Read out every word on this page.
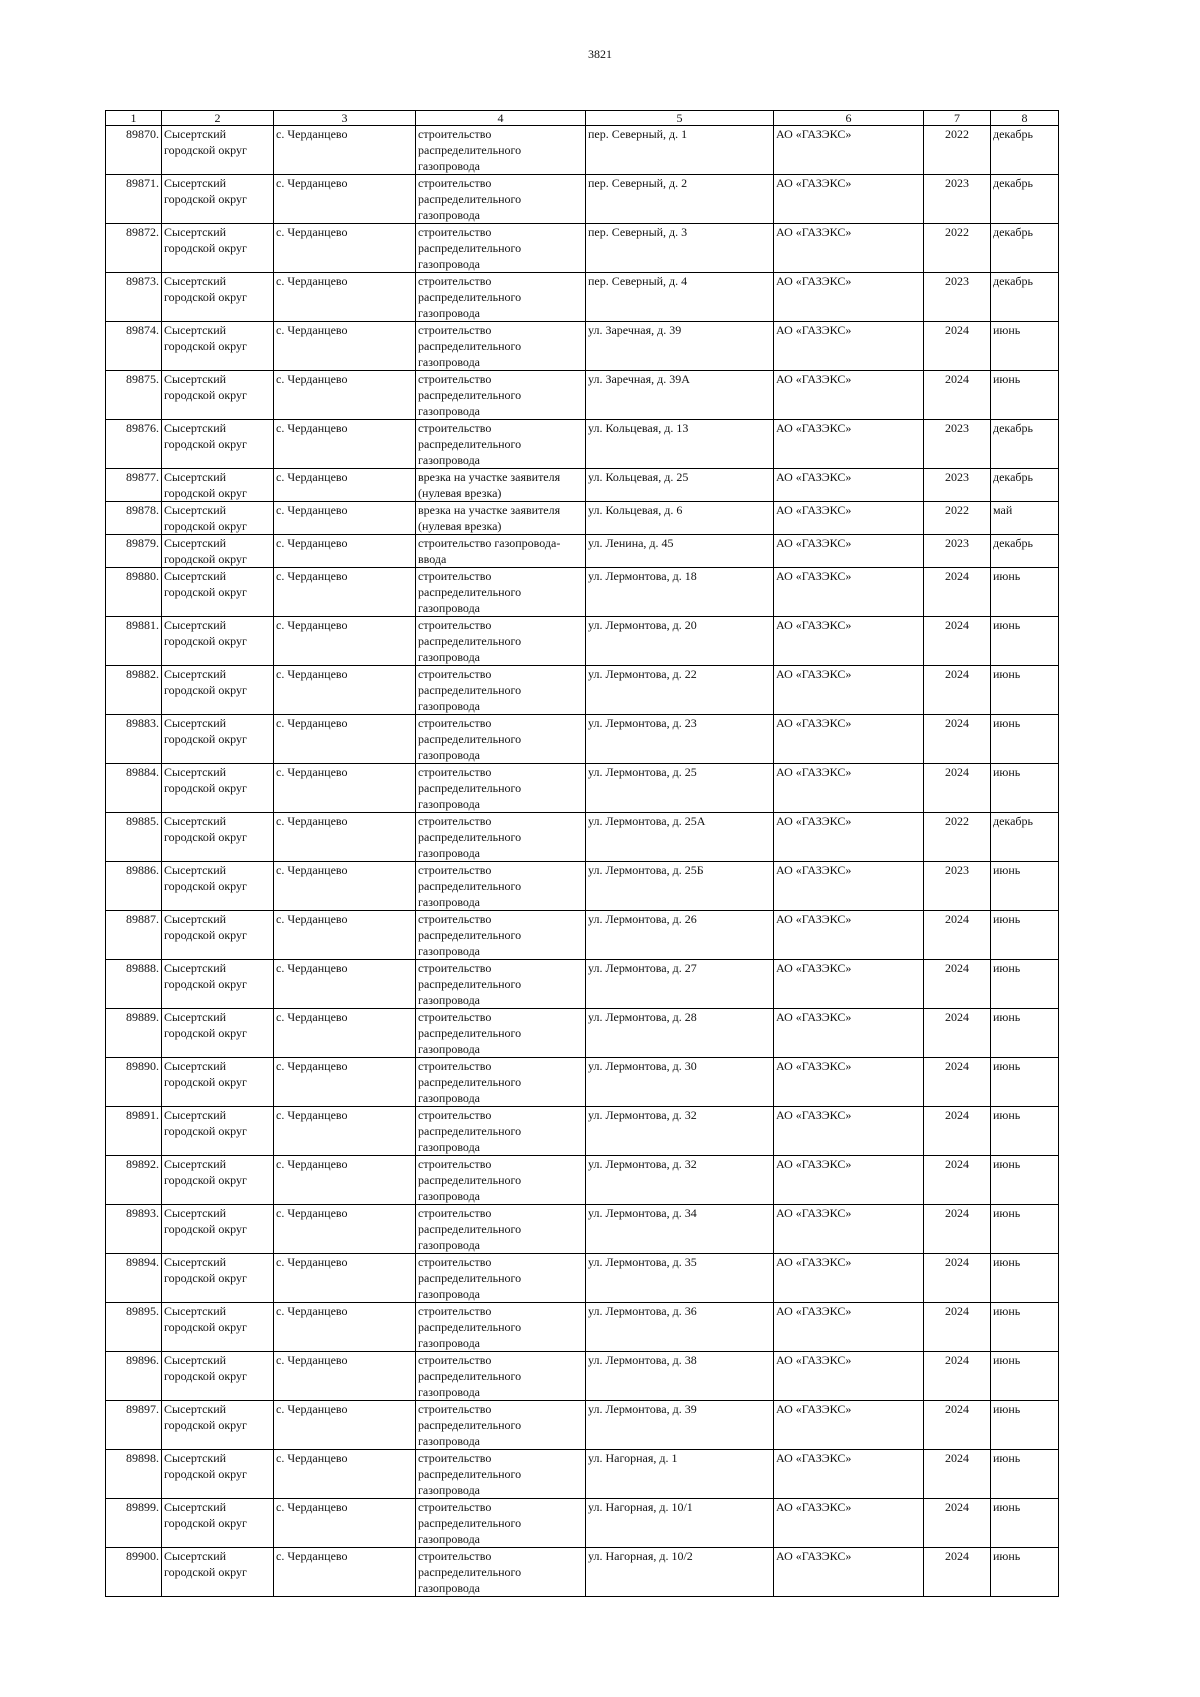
3821
1	2	3	4	5	6	7	8
89870.	Сысертский городской округ	с. Черданцево	строительство распределительного газопровода	пер. Северный, д. 1	АО «ГАЗЭКС»	2022	декабрь
89871.	Сысертский городской округ	с. Черданцево	строительство распределительного газопровода	пер. Северный, д. 2	АО «ГАЗЭКС»	2023	декабрь
89872.	Сысертский городской округ	с. Черданцево	строительство распределительного газопровода	пер. Северный, д. 3	АО «ГАЗЭКС»	2022	декабрь
89873.	Сысертский городской округ	с. Черданцево	строительство распределительного газопровода	пер. Северный, д. 4	АО «ГАЗЭКС»	2023	декабрь
89874.	Сысертский городской округ	с. Черданцево	строительство распределительного газопровода	ул. Заречная, д. 39	АО «ГАЗЭКС»	2024	июнь
89875.	Сысертский городской округ	с. Черданцево	строительство распределительного газопровода	ул. Заречная, д. 39А	АО «ГАЗЭКС»	2024	июнь
89876.	Сысертский городской округ	с. Черданцево	строительство распределительного газопровода	ул. Кольцевая, д. 13	АО «ГАЗЭКС»	2023	декабрь
89877.	Сысертский городской округ	с. Черданцево	врезка на участке заявителя (нулевая врезка)	ул. Кольцевая, д. 25	АО «ГАЗЭКС»	2023	декабрь
89878.	Сысертский городской округ	с. Черданцево	врезка на участке заявителя (нулевая врезка)	ул. Кольцевая, д. 6	АО «ГАЗЭКС»	2022	май
89879.	Сысертский городской округ	с. Черданцево	строительство газопровода-ввода	ул. Ленина, д. 45	АО «ГАЗЭКС»	2023	декабрь
89880.	Сысертский городской округ	с. Черданцево	строительство распределительного газопровода	ул. Лермонтова, д. 18	АО «ГАЗЭКС»	2024	июнь
89881.	Сысертский городской округ	с. Черданцево	строительство распределительного газопровода	ул. Лермонтова, д. 20	АО «ГАЗЭКС»	2024	июнь
89882.	Сысертский городской округ	с. Черданцево	строительство распределительного газопровода	ул. Лермонтова, д. 22	АО «ГАЗЭКС»	2024	июнь
89883.	Сысертский городской округ	с. Черданцево	строительство распределительного газопровода	ул. Лермонтова, д. 23	АО «ГАЗЭКС»	2024	июнь
89884.	Сысертский городской округ	с. Черданцево	строительство распределительного газопровода	ул. Лермонтова, д. 25	АО «ГАЗЭКС»	2024	июнь
89885.	Сысертский городской округ	с. Черданцево	строительство распределительного газопровода	ул. Лермонтова, д. 25А	АО «ГАЗЭКС»	2022	декабрь
89886.	Сысертский городской округ	с. Черданцево	строительство распределительного газопровода	ул. Лермонтова, д. 25Б	АО «ГАЗЭКС»	2023	июнь
89887.	Сысертский городской округ	с. Черданцево	строительство распределительного газопровода	ул. Лермонтова, д. 26	АО «ГАЗЭКС»	2024	июнь
89888.	Сысертский городской округ	с. Черданцево	строительство распределительного газопровода	ул. Лермонтова, д. 27	АО «ГАЗЭКС»	2024	июнь
89889.	Сысертский городской округ	с. Черданцево	строительство распределительного газопровода	ул. Лермонтова, д. 28	АО «ГАЗЭКС»	2024	июнь
89890.	Сысертский городской округ	с. Черданцево	строительство распределительного газопровода	ул. Лермонтова, д. 30	АО «ГАЗЭКС»	2024	июнь
89891.	Сысертский городской округ	с. Черданцево	строительство распределительного газопровода	ул. Лермонтова, д. 32	АО «ГАЗЭКС»	2024	июнь
89892.	Сысертский городской округ	с. Черданцево	строительство распределительного газопровода	ул. Лермонтова, д. 32	АО «ГАЗЭКС»	2024	июнь
89893.	Сысертский городской округ	с. Черданцево	строительство распределительного газопровода	ул. Лермонтова, д. 34	АО «ГАЗЭКС»	2024	июнь
89894.	Сысертский городской округ	с. Черданцево	строительство распределительного газопровода	ул. Лермонтова, д. 35	АО «ГАЗЭКС»	2024	июнь
89895.	Сысертский городской округ	с. Черданцево	строительство распределительного газопровода	ул. Лермонтова, д. 36	АО «ГАЗЭКС»	2024	июнь
89896.	Сысертский городской округ	с. Черданцево	строительство распределительного газопровода	ул. Лермонтова, д. 38	АО «ГАЗЭКС»	2024	июнь
89897.	Сысертский городской округ	с. Черданцево	строительство распределительного газопровода	ул. Лермонтова, д. 39	АО «ГАЗЭКС»	2024	июнь
89898.	Сысертский городской округ	с. Черданцево	строительство распределительного газопровода	ул. Нагорная, д. 1	АО «ГАЗЭКС»	2024	июнь
89899.	Сысертский городской округ	с. Черданцево	строительство распределительного газопровода	ул. Нагорная, д. 10/1	АО «ГАЗЭКС»	2024	июнь
89900.	Сысертский городской округ	с. Черданцево	строительство распределительного газопровода	ул. Нагорная, д. 10/2	АО «ГАЗЭКС»	2024	июнь
